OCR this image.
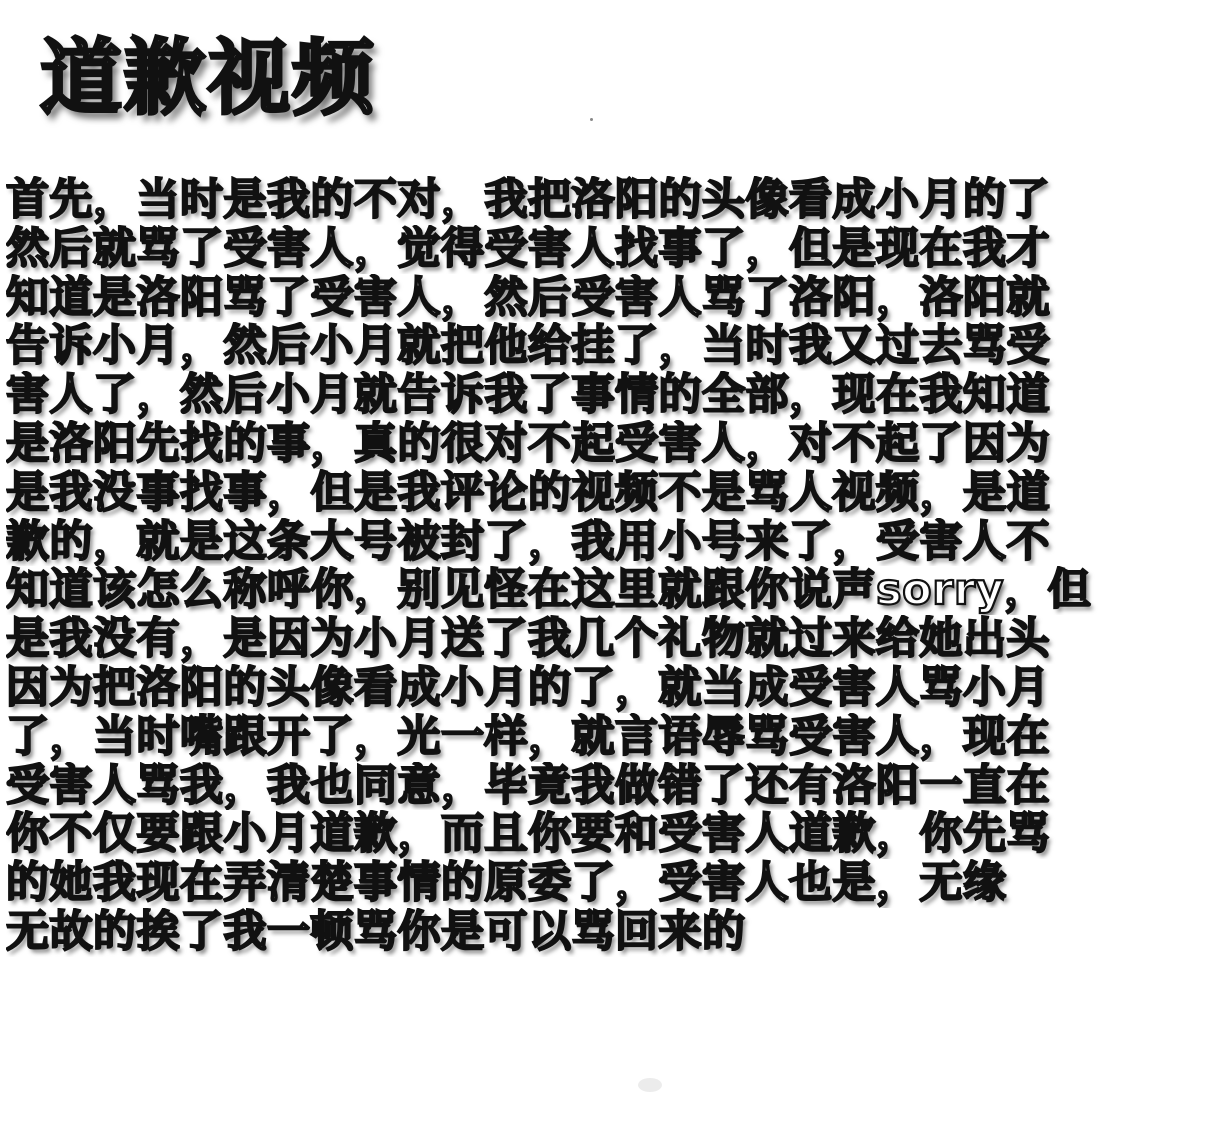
道歉视频
首先，当时是我的不对，我把洛阳的头像看成小月的了
然后就骂了受害人，觉得受害人找事了，但是现在我才
知道是洛阳骂了受害人，然后受害人骂了洛阳，洛阳就
告诉小月，然后小月就把他给挂了，当时我又过去骂受
害人了，然后小月就告诉我了事情的全部，现在我知道
是洛阳先找的事，真的很对不起受害人，对不起了因为
是我没事找事，但是我评论的视频不是骂人视频，是道
歉的，就是这条大号被封了，我用小号来了，受害人不
知道该怎么称呼你，别见怪在这里就跟你说声sorry，但
是我没有，是因为小月送了我几个礼物就过来给她出头
因为把洛阳的头像看成小月的了，就当成受害人骂小月
了，当时嘴跟开了，光一样，就言语辱骂受害人，现在
受害人骂我，我也同意，毕竟我做错了还有洛阳一直在
你不仅要跟小月道歉，而且你要和受害人道歉，你先骂
的她我现在弄清楚事情的原委了，受害人也是，无缘
无故的挨了我一顿骂你是可以骂回来的
